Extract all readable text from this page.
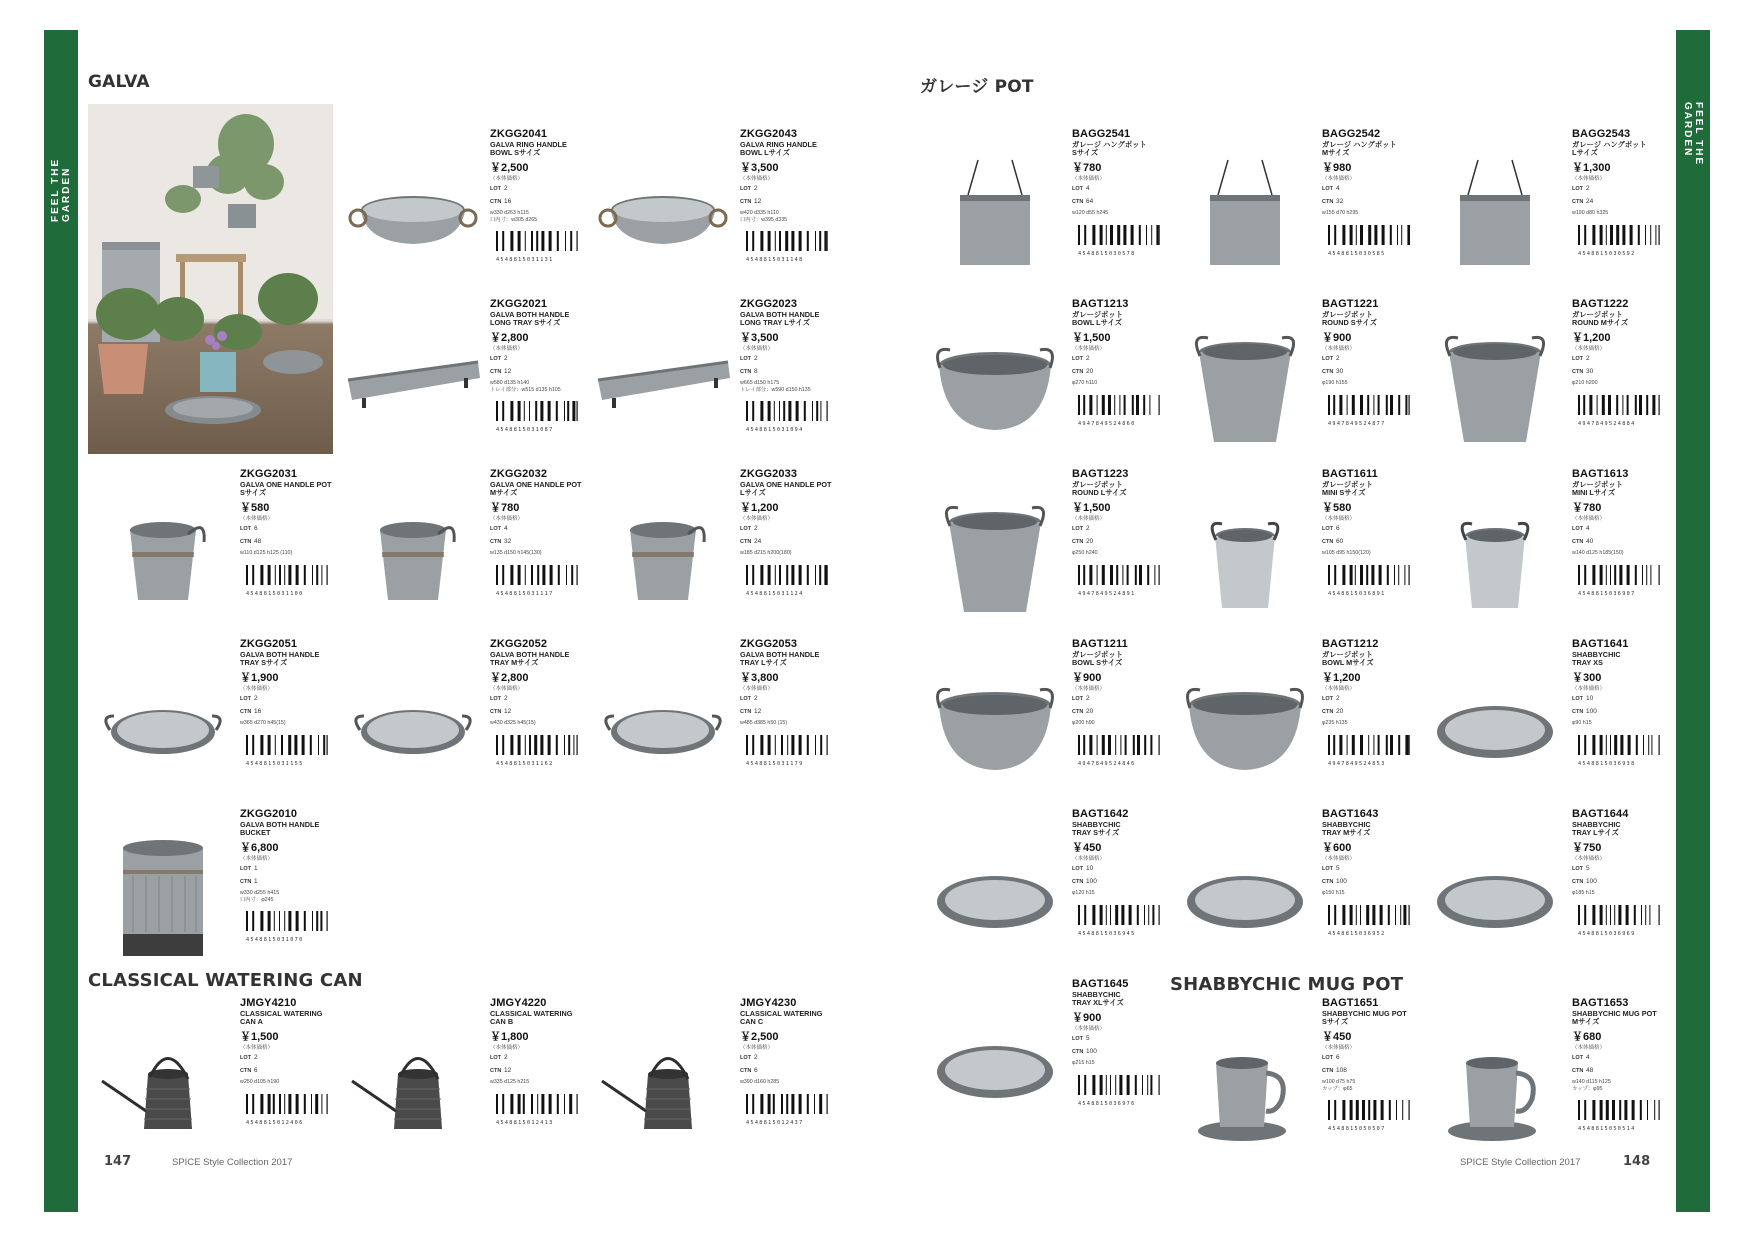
FEEL THE GARDEN
FEEL THE GARDEN
GALVA	ガレージ POT
CLASSICAL WATERING CAN	SHABBYCHIC MUG POT
ZKGG2041
GALVA RING HANDLE
BOWL Sサイズ
￥2,500
（本体価格）
LOT 2
CTN 16
w330 d263 h115
口内寸：w305 d265
4548815031131
ZKGG2043
GALVA RING HANDLE
BOWL Lサイズ
￥3,500
（本体価格）
LOT 2
CTN 12
w420 d335 h110
口内寸：w395 d335
4548815031148
ZKGG2021
GALVA BOTH HANDLE
LONG TRAY Sサイズ
￥2,800
（本体価格）
LOT 2
CTN 12
w580 d135 h140
トレイ部分：w515 d135 h105
4548815031087
ZKGG2023
GALVA BOTH HANDLE
LONG TRAY Lサイズ
￥3,500
（本体価格）
LOT 2
CTN 8
w665 d150 h175
トレイ部分：w590 d150 h135
4548815031094
ZKGG2031
GALVA ONE HANDLE POT
Sサイズ
￥580
（本体価格）
LOT 6
CTN 48
w110 d125 h125 (110)
4548815031100
ZKGG2032
GALVA ONE HANDLE POT
Mサイズ
￥780
（本体価格）
LOT 4
CTN 32
w135 d150 h145(130)
4548815031117
ZKGG2033
GALVA ONE HANDLE POT
Lサイズ
￥1,200
（本体価格）
LOT 2
CTN 24
w185 d215 h200(180)
4548815031124
ZKGG2051
GALVA BOTH HANDLE
TRAY Sサイズ
￥1,900
（本体価格）
LOT 2
CTN 16
w365 d270 h45(15)
4548815031155
ZKGG2052
GALVA BOTH HANDLE
TRAY Mサイズ
￥2,800
（本体価格）
LOT 2
CTN 12
w430 d325 h45(15)
4548815031162
ZKGG2053
GALVA BOTH HANDLE
TRAY Lサイズ
￥3,800
（本体価格）
LOT 2
CTN 12
w485 d385 h50 (15)
4548815031179
ZKGG2010
GALVA BOTH HANDLE
BUCKET
￥6,800
（本体価格）
LOT 1
CTN 1
w330 d255 h415
口内寸：φ245
4548815031070
JMGY4210
CLASSICAL WATERING
CAN A
￥1,500
（本体価格）
LOT 2
CTN 6
w250 d105 h190
4548815012406
JMGY4220
CLASSICAL WATERING
CAN B
￥1,800
（本体価格）
LOT 2
CTN 12
w335 d125 h215
4548815012413
JMGY4230
CLASSICAL WATERING
CAN C
￥2,500
（本体価格）
LOT 2
CTN 6
w390 d160 h285
4548815012437
BAGG2541
ガレージ ハングポット
Sサイズ
￥780
（本体価格）
LOT 4
CTN 64
w120 d55 h245
4548815030578
BAGG2542
ガレージ ハングポット
Mサイズ
￥980
（本体価格）
LOT 4
CTN 32
w155 d70 h295
4548815030585
BAGG2543
ガレージ ハングポット
Lサイズ
￥1,300
（本体価格）
LOT 2
CTN 24
w190 d80 h325
4548815030592
BAGT1213
ガレージポット
BOWL Lサイズ
￥1,500
（本体価格）
LOT 2
CTN 20
φ270 h110
4947849524860
BAGT1221
ガレージポット
ROUND Sサイズ
￥900
（本体価格）
LOT 2
CTN 30
φ190 h155
4947849524877
BAGT1222
ガレージポット
ROUND Mサイズ
￥1,200
（本体価格）
LOT 2
CTN 30
φ210 h200
4947849524884
BAGT1223
ガレージポット
ROUND Lサイズ
￥1,500
（本体価格）
LOT 2
CTN 20
φ250 h240
4947849524891
BAGT1611
ガレージポット
MINI Sサイズ
￥580
（本体価格）
LOT 6
CTN 60
w105 d95 h150(120)
4548815036891
BAGT1613
ガレージポット
MINI Lサイズ
￥780
（本体価格）
LOT 4
CTN 40
w140 d125 h185(150)
4548815036907
BAGT1211
ガレージポット
BOWL Sサイズ
￥900
（本体価格）
LOT 2
CTN 20
φ200 h90
4947849524846
BAGT1212
ガレージポット
BOWL Mサイズ
￥1,200
（本体価格）
LOT 2
CTN 20
φ235 h135
4947849524853
BAGT1641
SHABBYCHIC
TRAY XS
￥300
（本体価格）
LOT 10
CTN 100
φ90 h15
4548815036938
BAGT1642
SHABBYCHIC
TRAY Sサイズ
￥450
（本体価格）
LOT 10
CTN 100
φ120 h15
4548815036945
BAGT1643
SHABBYCHIC
TRAY Mサイズ
￥600
（本体価格）
LOT 5
CTN 100
φ150 h15
4548815036952
BAGT1644
SHABBYCHIC
TRAY Lサイズ
￥750
（本体価格）
LOT 5
CTN 100
φ185 h15
4548815036969
BAGT1645
SHABBYCHIC
TRAY XLサイズ
￥900
（本体価格）
LOT 5
CTN 100
φ215 h15
4548815036976
BAGT1651
SHABBYCHIC MUG POT
Sサイズ
￥450
（本体価格）
LOT 6
CTN 108
w100 d75 h75
カップ：φ65
4548815050507
BAGT1653
SHABBYCHIC MUG POT
Mサイズ
￥680
（本体価格）
LOT 4
CTN 48
w140 d115 h125
カップ：φ95
4548815050514
147	SPICE Style Collection 2017	SPICE Style Collection 2017	148
